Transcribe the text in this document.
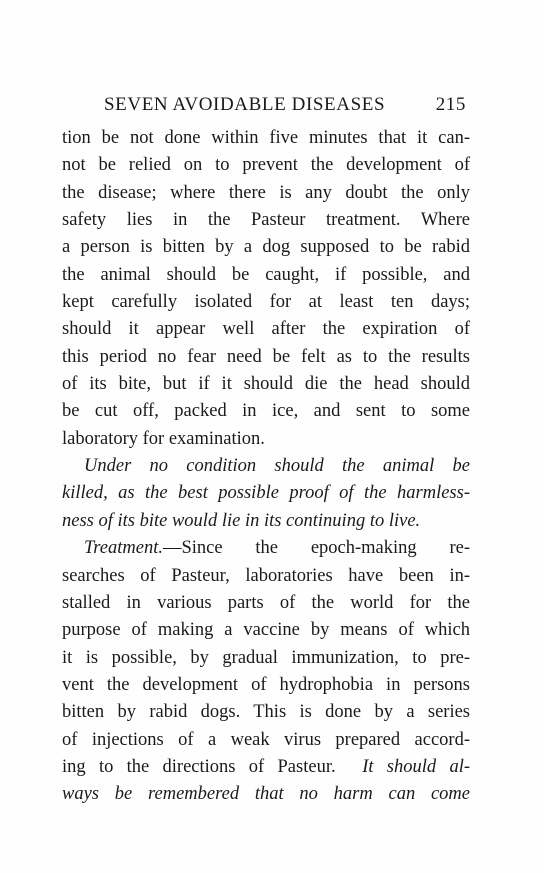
SEVEN AVOIDABLE DISEASES	215
tion be not done within five minutes that it can-
not be relied on to prevent the development of
the disease; where there is any doubt the only
safety lies in the Pasteur treatment. Where
a person is bitten by a dog supposed to be rabid
the animal should be caught, if possible, and
kept carefully isolated for at least ten days;
should it appear well after the expiration of
this period no fear need be felt as to the results
of its bite, but if it should die the head should
be cut off, packed in ice, and sent to some
laboratory for examination.
Under no condition should the animal be
killed, as the best possible proof of the harmless-
ness of its bite would lie in its continuing to live.
Treatment.—Since the epoch-making re-
searches of Pasteur, laboratories have been in-
stalled in various parts of the world for the
purpose of making a vaccine by means of which
it is possible, by gradual immunization, to pre-
vent the development of hydrophobia in persons
bitten by rabid dogs. This is done by a series
of injections of a weak virus prepared accord-
ing to the directions of Pasteur. It should al-
ways be remembered that no harm can come
